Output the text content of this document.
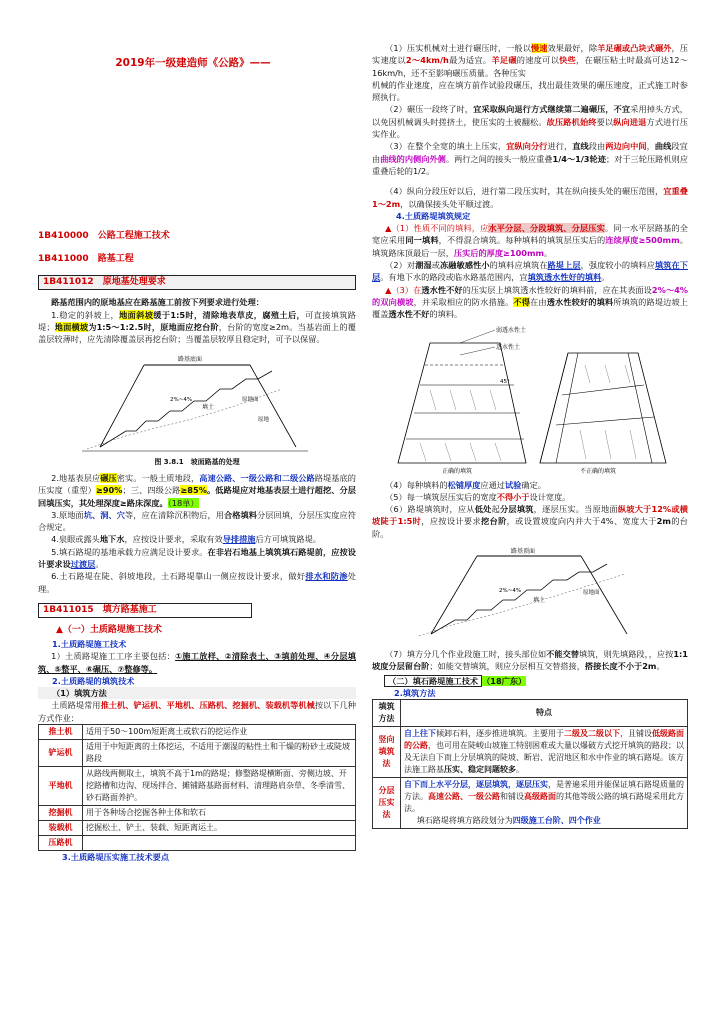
2019年一级建造师《公路》——
1B410000　公路工程施工技术
1B411000　路基工程
1B411012　原地基处理要求

路基范围内的原地基应在路基施工前按下列要求进行处理：

1.稳定的斜坡上，地面斜坡缓于1:5时，清除地表草皮，腐殖土后，可直接填筑路堤；地面横坡为1:5～1:2.5时，原地面应挖台阶，台阶的宽度≥2m。当基岩面上的覆盖层较薄时，应先清除覆盖层再挖台阶；当覆盖层较厚且稳定时，可予以保留。

路基底面
填土
2%~4%	原地面
原地
图 3.8.1　坡面路基的处理

2.地基表层应碾压密实。一般土质地段，高速公路、一级公路和二级公路路堤基底的压实度（重型）≥90%；三、四级公路≥85%。低路堤应对地基表层土进行超挖、分层回填压实，其处理深度≥路床深度。（18单）

3.原地面坑、洞、穴等，应在清除沉积物后，用合格填料分层回填，分层压实度应符合规定。

4.泉眼或露头地下水，应按设计要求，采取有效导排措施后方可填筑路堤。

5.填石路堤的基地承载力应满足设计要求。在非岩石地基上填筑填石路堤前，应按设计要求设过渡层。

6.土石路堤在陡、斜坡地段，土石路堤靠山一侧应按设计要求，做好排水和防渗处理。

1B411015　填方路基施工
▲（一）土质路堤施工技术
1.土质路堤施工技术

1）土质路堤施工工序主要包括：①施工放样、②清除表土、③填前处理、④分层填筑、⑤整平、⑥碾压、⑦整修等。

2.土质路堤的填筑技术
（1）填筑方法

土质路堤常用推土机、铲运机、平地机、压路机、挖掘机、装载机等机械按以下几种方式作业：

推土机	适用于50～100m短距离土或软石的挖运作业
铲运机	适用于中短距离的土体挖运，不适用于潮湿的粘性土和干燥的粉砂土或陡坡路段
平地机	从路线两侧取土，填筑不高于1m的路堤；修整路堤横断面、旁侧边坡、开挖路槽和边沟、现场拌合、摊铺路基路面材料、清理路肩杂草、冬季清雪、砂石路面养护。
挖掘机	用于各种场合挖掘各种土体和软石
装载机	挖掘松土、铲土、装载、短距离运土。
压路机	
3.土质路堤压实施工技术要点

（1）压实机械对土进行碾压时，一般以慢速效果最好，除羊足碾或凸块式碾外，压实速度以2～4km/h最为适宜。羊足碾的速度可以快些，在碾压粘土时最高可达12～16km/h，还不至影响碾压质量。各种压实

机械的作业速度，应在填方前作试验段碾压，找出最佳效果的碾压速度，正式施工时参照执行。

（2）碾压一段终了时，宜采取纵向退行方式继续第二遍碾压，不宜采用掉头方式，以免因机械调头时搓挤土，使压实的土被翻松。故压路机始终要以纵向进退方式进行压实作业。

（3）在整个全宽的填土上压实，宜纵向分行进行，直线段由两边向中间，曲线段宜由曲线的内侧向外侧。两行之间的接头一般应重叠1/4～1/3轮迹；对于三轮压路机则应重叠后轮的1/2。

（4）纵向分段压好以后，进行第二段压实时，其在纵向接头处的碾压范围，宜重叠1～2m，以确保接头处平顺过渡。

4.土质路堤填筑规定

▲（1）性质不同的填料，应水平分层、分段填筑、分层压实。同一水平层路基的全宽应采用同一填料，不得混合填筑。每种填料的填筑层压实后的连续厚度≥500mm。填筑路床顶最后一层，压实后的厚度≥100mm。

（2）对潮湿或冻融敏感性小的填料应填筑在路堤上层，强度较小的填料应填筑在下层。有地下水的路段或临水路基范围内，宜填筑透水性好的填料。

▲（3）在透水性不好的压实层上填筑透水性较好的填料前，应在其表面设2%～4%的双向横坡，并采取相应的防水措施。不得在由透水性较好的填料所填筑的路堤边坡上覆盖透水性不好的填料。

弱透水性土
透水性土
45°
正确的填筑	不正确的填筑

（4）每种填料的松铺厚度应通过试验确定。

（5）每一填筑层压实后的宽度不得小于设计宽度。

（6）路堤填筑时，应从低处起分层填筑，逐层压实。当原地面纵坡大于12%或横坡陡于1:5时，应按设计要求挖台阶，或设置坡度向内并大于4%、宽度大于2m的台阶。

路基顶面
填土
2%~4%	原地面

（7）填方分几个作业段施工时，接头部位如不能交替填筑，则先填路段，，应按1:1坡度分层留台阶；如能交替填筑，则应分层相互交替搭接，搭接长度不小于2m。

（二）填石路堤施工技术 （18广东）
2.填筑方法
填筑方法	特点
竖向填筑法	自上往下倾卸石料，逐步推进填筑。主要用于二级及二级以下，且铺设低级路面的公路，也可用在陡峻山坡施工特别困难或大量以爆破方式挖开填筑的路段；以及无法自下而上分层填筑的陡坡、断岩、泥沼地区和水中作业的填石路堤。该方法施工路基压实、稳定问题较多。
分层压实法	自下而上水平分层，逐层填筑，逐层压实，是普遍采用并能保证填石路堤质量的方法。高速公路、一级公路和铺设高级路面的其他等级公路的填石路堤采用此方法。
填石路堤将填方路段划分为四级施工台阶、四个作业
